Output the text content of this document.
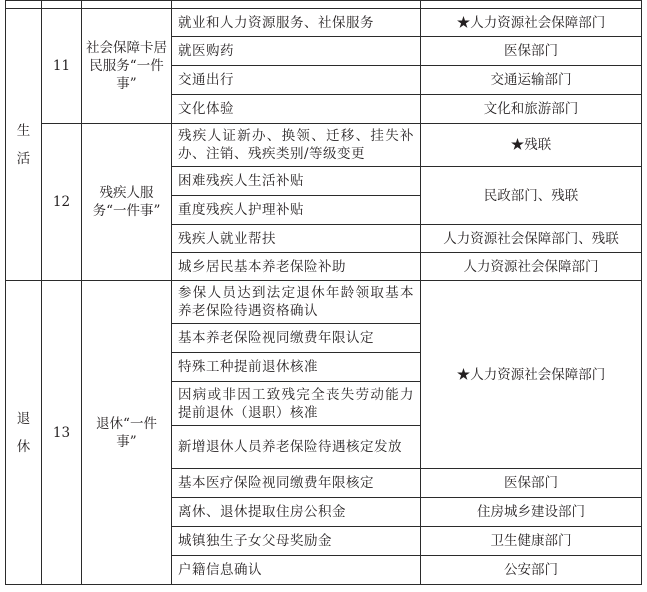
生活	11	社会保障卡居民服务“一件事”	就业和人力资源服务、社保服务	★人力资源社会保障部门
			就医购药	医保部门
			交通出行	交通运输部门
			文化体验	文化和旅游部门
	12	残疾人服务“一件事”	残疾人证新办、换领、迁移、挂失补办、注销、残疾类别/等级变更	★残联
			困难残疾人生活补贴	民政部门、残联
			重度残疾人护理补贴	
			残疾人就业帮扶	人力资源社会保障部门、残联
			城乡居民基本养老保险补助	人力资源社会保障部门
退休	13	退休“一件事”	参保人员达到法定退休年龄领取基本养老保险待遇资格确认	★人力资源社会保障部门
			基本养老保险视同缴费年限认定	
			特殊工种提前退休核准	
			因病或非因工致残完全丧失劳动能力提前退休（退职）核准	
			新增退休人员养老保险待遇核定发放	
			基本医疗保险视同缴费年限核定	医保部门
			离休、退休提取住房公积金	住房城乡建设部门
			城镇独生子女父母奖励金	卫生健康部门
			户籍信息确认	公安部门
